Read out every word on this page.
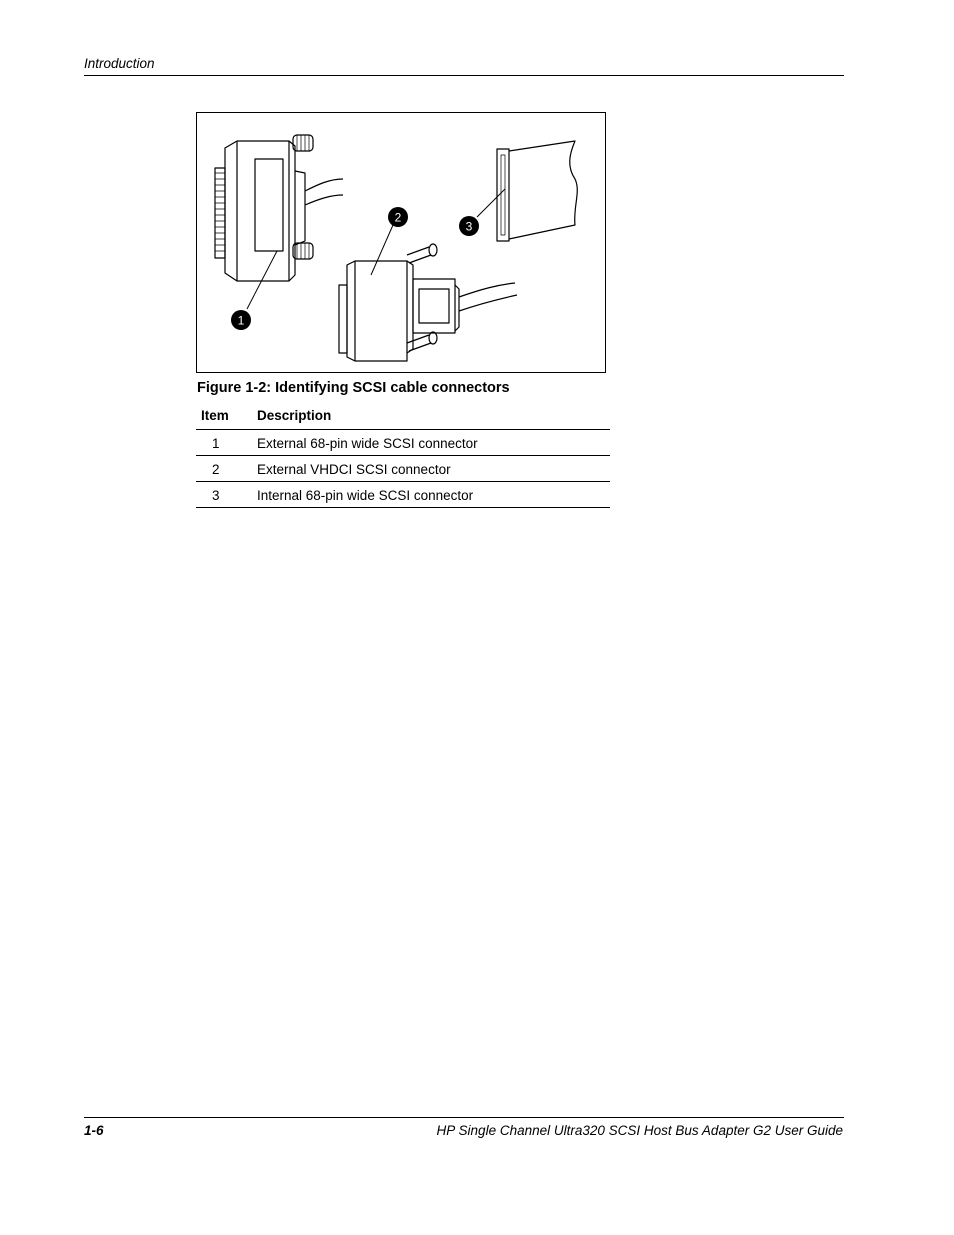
Introduction
1
2
3
Figure 1-2: Identifying SCSI cable connectors
Item Description
1	External 68-pin wide SCSI connector
2	External VHDCI SCSI connector
3	Internal 68-pin wide SCSI connector
1-6	HP Single Channel Ultra320 SCSI Host Bus Adapter G2 User Guide
